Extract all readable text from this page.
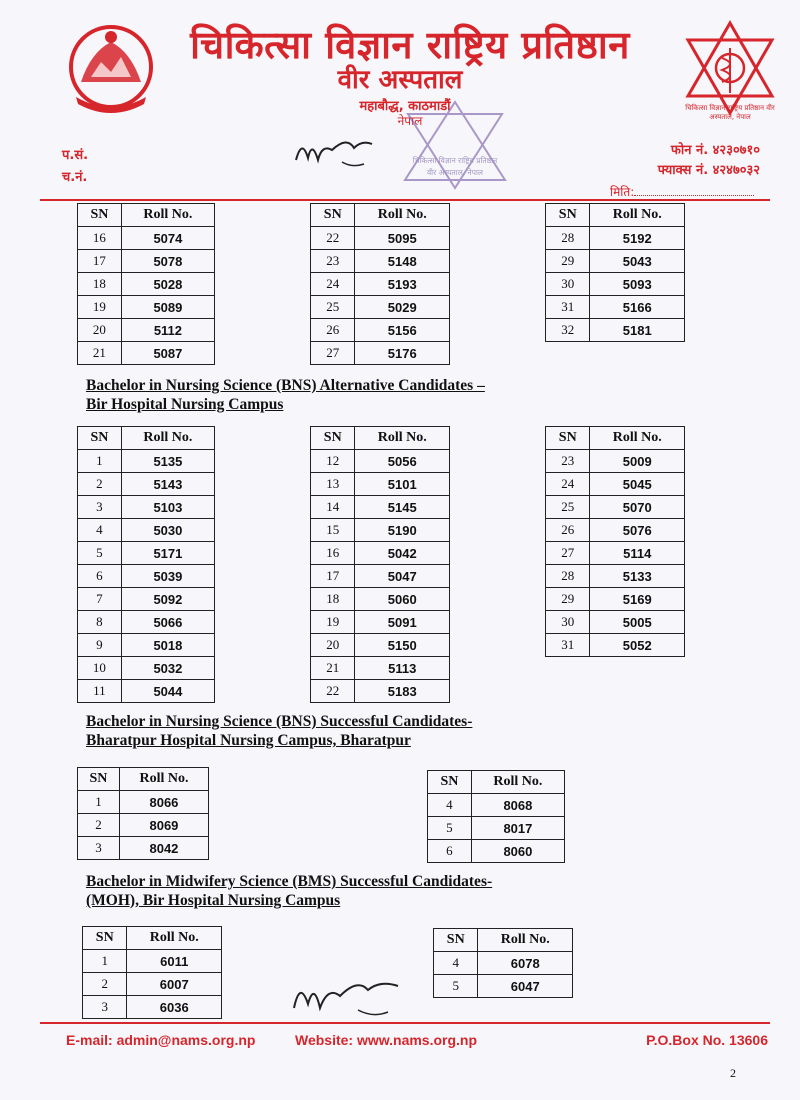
चिकित्सा विज्ञान राष्ट्रिय प्रतिष्ठान वीर अस्पताल, नेपाल
चिकित्सा विज्ञान राष्ट्रिय प्रतिष्ठान
वीर अस्पताल
महाबौद्ध, काठमाडौं
नेपाल
चिकित्सा विज्ञान राष्ट्रिय प्रतिष्ठान
वीर अस्पताल, नेपाल
प.सं.
च.नं.
फोन नं. ४२३०७१०
फ्याक्स नं. ४२४७०३२
मिति:
SN	Roll No.
16	5074
17	5078
18	5028
19	5089
20	5112
21	5087
SN	Roll No.
22	5095
23	5148
24	5193
25	5029
26	5156
27	5176
SN	Roll No.
28	5192
29	5043
30	5093
31	5166
32	5181
Bachelor in Nursing Science (BNS) Alternative Candidates –
Bir Hospital Nursing Campus
SN	Roll No.
1	5135
2	5143
3	5103
4	5030
5	5171
6	5039
7	5092
8	5066
9	5018
10	5032
11	5044
SN	Roll No.
12	5056
13	5101
14	5145
15	5190
16	5042
17	5047
18	5060
19	5091
20	5150
21	5113
22	5183
SN	Roll No.
23	5009
24	5045
25	5070
26	5076
27	5114
28	5133
29	5169
30	5005
31	5052
Bachelor in Nursing Science (BNS) Successful Candidates-
Bharatpur Hospital Nursing Campus, Bharatpur
SN	Roll No.
1	8066
2	8069
3	8042
SN	Roll No.
4	8068
5	8017
6	8060
Bachelor in Midwifery Science (BMS) Successful Candidates-
(MOH), Bir Hospital Nursing Campus
SN	Roll No.
1	6011
2	6007
3	6036
SN	Roll No.
4	6078
5	6047
E-mail: admin@nams.org.np	Website: www.nams.org.np	P.O.Box No. 13606
2
